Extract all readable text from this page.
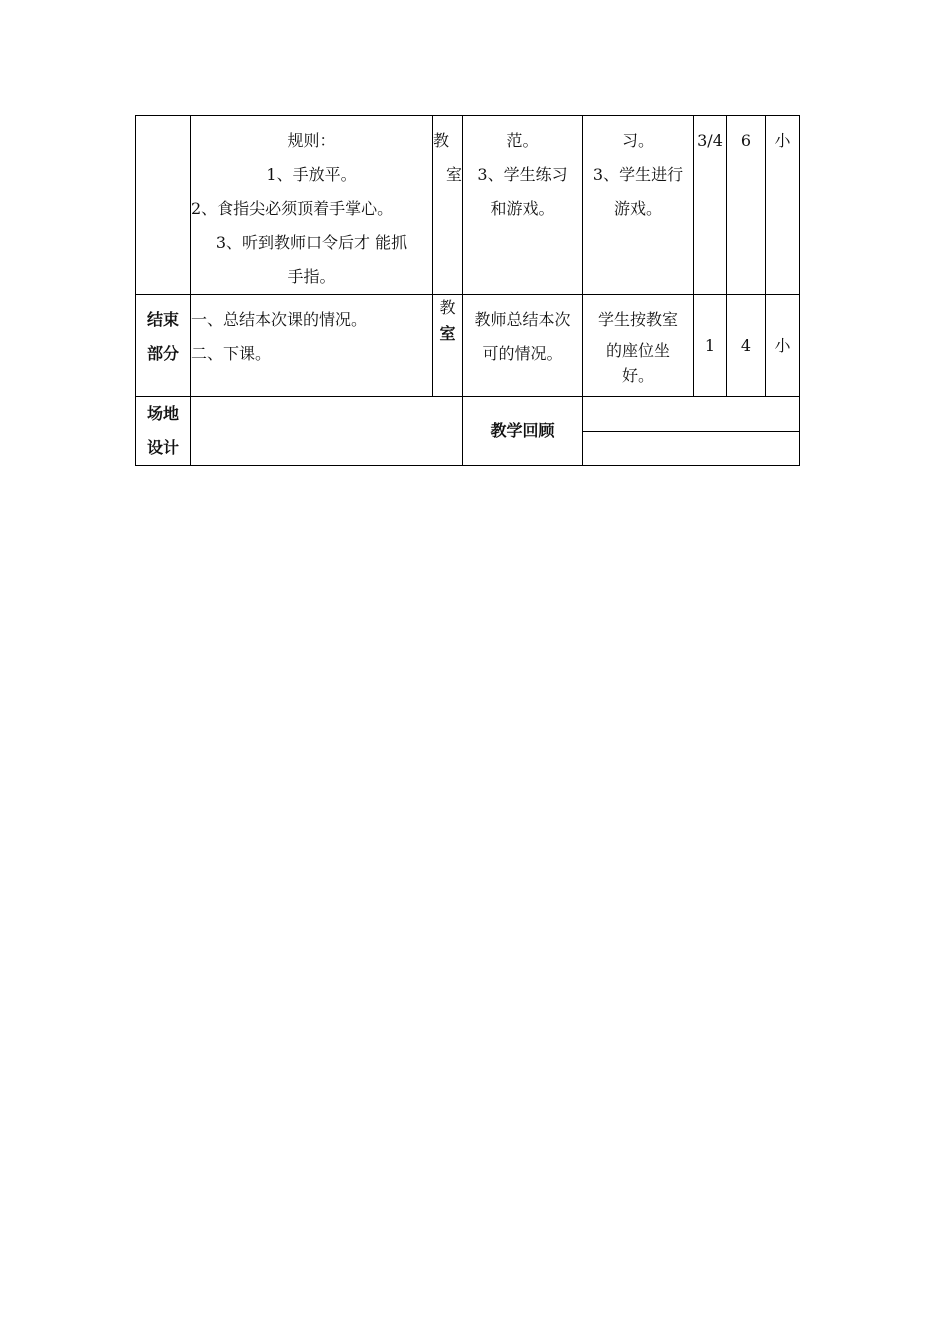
	规则：
1、手放平。
2、食指尖必须顶着手掌心。
3、听到教师口令后才 能抓
手指。	教
室	范。
3、学生练习
和游戏。	习。
3、学生进行
游戏。	3/4	6	小

结束
部分	一、总结本次课的情况。
二、下课。	教
室	教师总结本次
可的情况。	学生按教室
的座位坐
好。	1	4	小

场地
设计			教学回顾				
